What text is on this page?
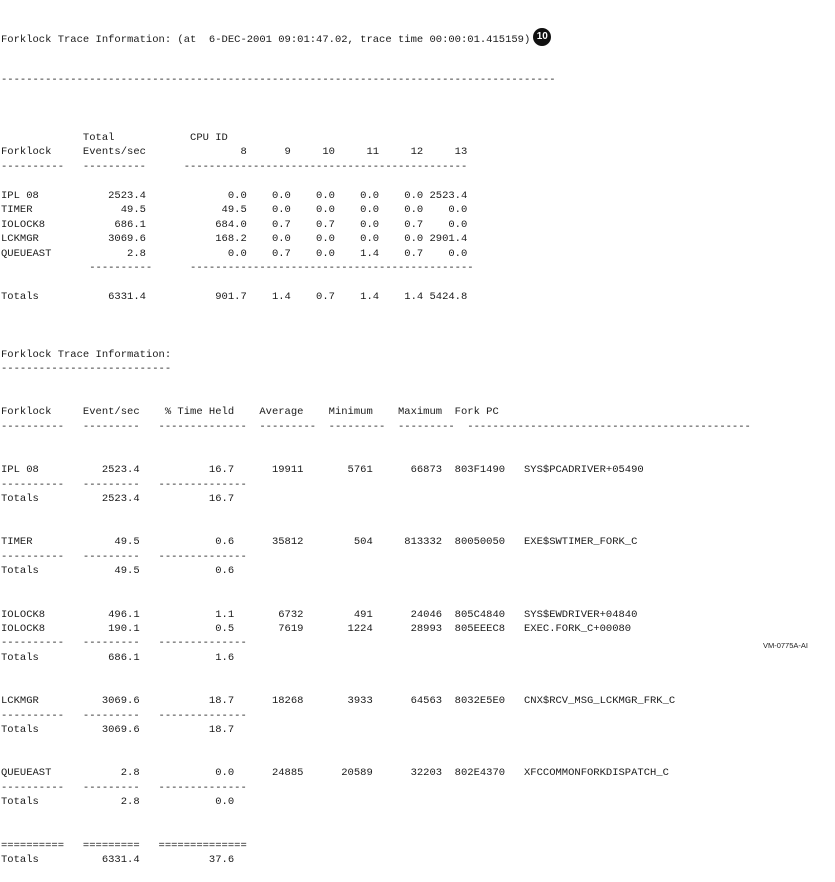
Forklock Trace Information: (at  6-DEC-2001 09:01:47.02, trace time 00:00:01.415159) 10

----------------------------------------------------------------------------------------

Total            CPU ID
Forklock     Events/sec               8      9     10     11     12     13
----------   ----------      ---------------------------------------------
IPL 08           2523.4             0.0    0.0    0.0    0.0    0.0 2523.4
TIMER              49.5            49.5    0.0    0.0    0.0    0.0    0.0
IOLOCK8           686.1           684.0    0.7    0.7    0.0    0.7    0.0
LCKMGR           3069.6           168.2    0.0    0.0    0.0    0.0 2901.4
QUEUEAST            2.8             0.0    0.7    0.0    1.4    0.7    0.0
----------      ---------------------------------------------
Totals           6331.4           901.7    1.4    0.7    1.4    1.4 5424.8

Forklock Trace Information:
---------------------------
Forklock     Event/sec    % Time Held    Average    Minimum    Maximum  Fork PC
----------   ---------   --------------  ---------  ---------  ---------  ---------------------------------------------
IPL 08          2523.4           16.7      19911       5761      66873  803F1490   SYS$PCADRIVER+05490
----------   ---------   --------------
Totals          2523.4           16.7
TIMER             49.5            0.6      35812        504     813332  80050050   EXE$SWTIMER_FORK_C
----------   ---------   --------------
Totals            49.5            0.6
IOLOCK8          496.1            1.1       6732        491      24046  805C4840   SYS$EWDRIVER+04840
IOLOCK8          190.1            0.5       7619       1224      28993  805EEEC8   EXEC.FORK_C+00080
----------   ---------   --------------
Totals           686.1            1.6
LCKMGR          3069.6           18.7      18268       3933      64563  8032E5E0   CNX$RCV_MSG_LCKMGR_FRK_C
----------   ---------   --------------
Totals          3069.6           18.7
QUEUEAST           2.8            0.0      24885      20589      32203  802E4370   XFCCOMMONFORKDISPATCH_C
----------   ---------   --------------
Totals             2.8            0.0
==========   =========   ==============
Totals          6331.4           37.6

VM-0775A-AI
